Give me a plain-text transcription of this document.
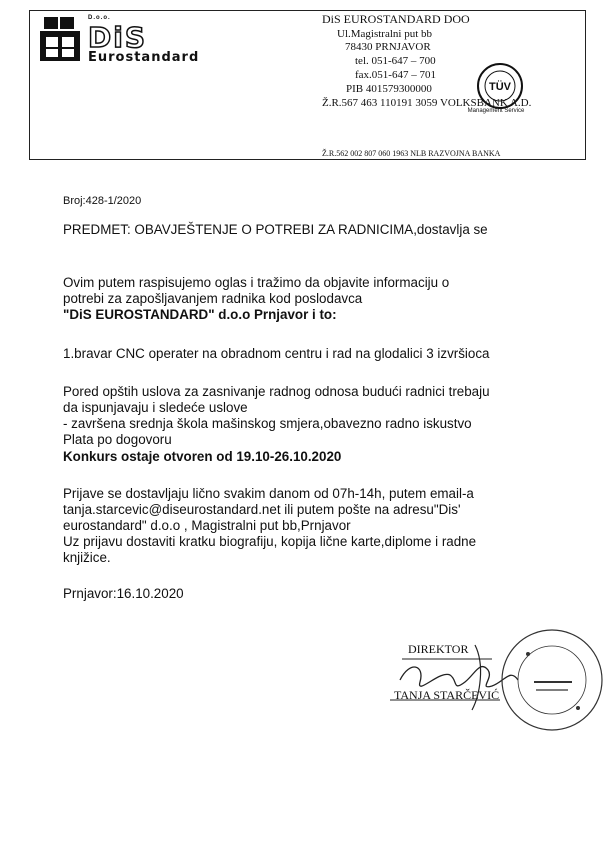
D.o.o.
DiS
Eurostandard
DiS EUROSTANDARD DOO
Ul.Magistralni put bb
78430 PRNJAVOR
tel. 051-647 – 700
fax.051-647 – 701
PIB 401579300000
Ž.R.567 463 110191 3059 VOLKSBANK A.D.
Ž.R.562 002 807 060 1963 NLB RAZVOJNA BANKA
TÜV
Management Service
Broj:428-1/2020
PREDMET: OBAVJEŠTENJE O POTREBI ZA RADNICIMA,dostavlja se
Ovim putem raspisujemo oglas i tražimo da objavite informaciju o
potrebi za zapošljavanjem radnika kod poslodavca
"DiS EUROSTANDARD" d.o.o Prnjavor i to:
1.bravar CNC operater na obradnom centru i rad na glodalici 3 izvršioca
Pored opštih uslova za zasnivanje radnog odnosa budući radnici trebaju
da ispunjavaju i sledeće uslove
- završena srednja škola mašinskog smjera,obavezno radno iskustvo
Plata po dogovoru
Konkurs ostaje otvoren od 19.10-26.10.2020
Prijave se dostavljaju lično svakim danom od 07h-14h, putem email-a
tanja.starcevic@diseurostandard.net ili putem pošte na adresu"Dis'
eurostandard" d.o.o , Magistralni put bb,Prnjavor
Uz prijavu dostaviti kratku biografiju, kopija lične karte,diplome i radne
knjižice.
Prnjavor:16.10.2020
DIREKTOR
TANJA STARČEVIĆ
